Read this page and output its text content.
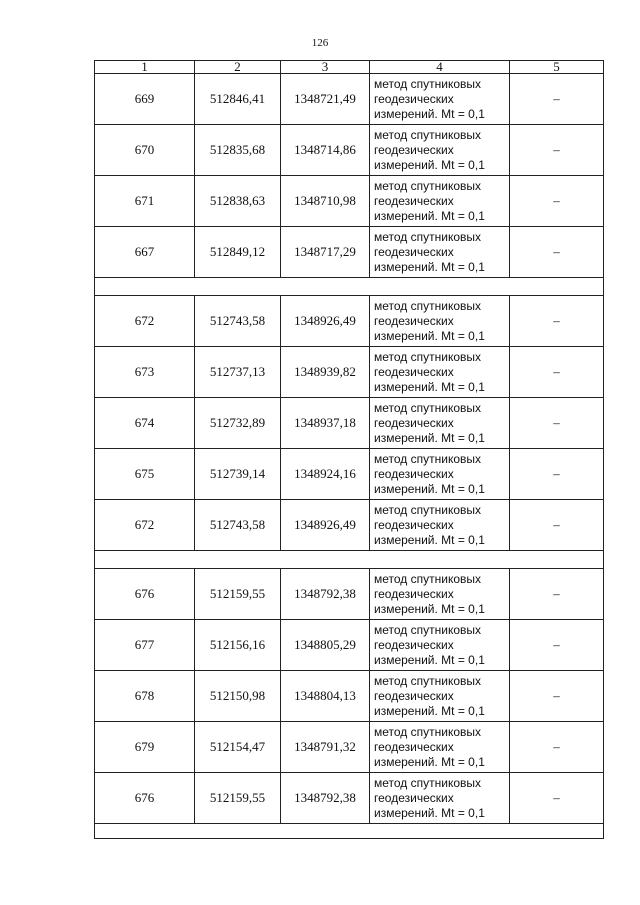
126
1	2	3	4	5
669	512846,41	1348721,49	метод спутниковых
геодезических
измерений. Mt = 0,1	–
670	512835,68	1348714,86	метод спутниковых
геодезических
измерений. Mt = 0,1	–
671	512838,63	1348710,98	метод спутниковых
геодезических
измерений. Mt = 0,1	–
667	512849,12	1348717,29	метод спутниковых
геодезических
измерений. Mt = 0,1	–

672	512743,58	1348926,49	метод спутниковых
геодезических
измерений. Mt = 0,1	–
673	512737,13	1348939,82	метод спутниковых
геодезических
измерений. Mt = 0,1	–
674	512732,89	1348937,18	метод спутниковых
геодезических
измерений. Mt = 0,1	–
675	512739,14	1348924,16	метод спутниковых
геодезических
измерений. Mt = 0,1	–
672	512743,58	1348926,49	метод спутниковых
геодезических
измерений. Mt = 0,1	–

676	512159,55	1348792,38	метод спутниковых
геодезических
измерений. Mt = 0,1	–
677	512156,16	1348805,29	метод спутниковых
геодезических
измерений. Mt = 0,1	–
678	512150,98	1348804,13	метод спутниковых
геодезических
измерений. Mt = 0,1	–
679	512154,47	1348791,32	метод спутниковых
геодезических
измерений. Mt = 0,1	–
676	512159,55	1348792,38	метод спутниковых
геодезических
измерений. Mt = 0,1	–
